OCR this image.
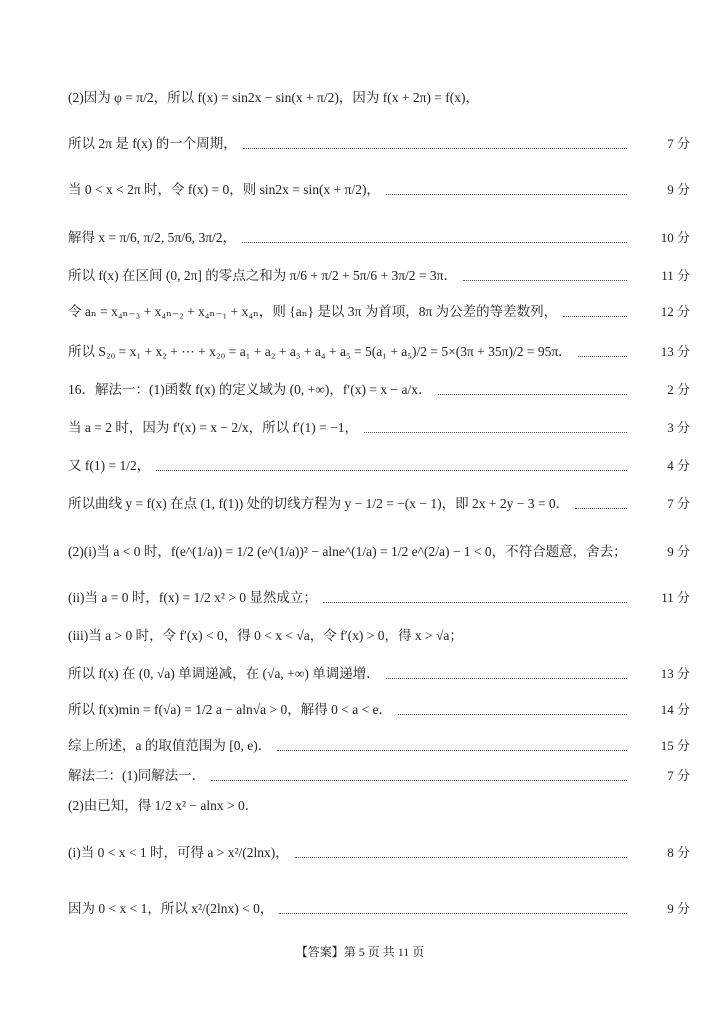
(2)因为 φ = π/2，所以 f(x) = sin2x − sin(x + π/2)，因为 f(x + 2π) = f(x)，
所以 2π 是 f(x) 的一个周期，	7 分
当 0 < x < 2π 时，令 f(x) = 0，则 sin2x = sin(x + π/2)，	9 分
解得 x = π/6, π/2, 5π/6, 3π/2，	10 分
所以 f(x) 在区间 (0, 2π] 的零点之和为 π/6 + π/2 + 5π/6 + 3π/2 = 3π．	11 分
令 aₙ = x₄ₙ₋₃ + x₄ₙ₋₂ + x₄ₙ₋₁ + x₄ₙ，则 {aₙ} 是以 3π 为首项，8π 为公差的等差数列，	12 分
所以 S₂₀ = x₁ + x₂ + ⋯ + x₂₀ = a₁ + a₂ + a₃ + a₄ + a₅ = 5(a₁ + a₅)/2 = 5×(3π + 35π)/2 = 95π．	13 分
16．解法一：(1)函数 f(x) 的定义域为 (0, +∞)，f′(x) = x − a/x．	2 分
当 a = 2 时，因为 f′(x) = x − 2/x，所以 f′(1) = −1，	3 分
又 f(1) = 1/2，	4 分
所以曲线 y = f(x) 在点 (1, f(1)) 处的切线方程为 y − 1/2 = −(x − 1)，即 2x + 2y − 3 = 0．	7 分
(2)(i)当 a < 0 时，f(e^(1/a)) = 1/2 (e^(1/a))² − alne^(1/a) = 1/2 e^(2/a) − 1 < 0，不符合题意，舍去；	9 分
(ii)当 a = 0 时，f(x) = 1/2 x² > 0 显然成立；	11 分
(iii)当 a > 0 时，令 f′(x) < 0，得 0 < x < √a，令 f′(x) > 0，得 x > √a；
所以 f(x) 在 (0, √a) 单调递减，在 (√a, +∞) 单调递增．	13 分
所以 f(x)min = f(√a) = 1/2 a − aln√a > 0，解得 0 < a < e．	14 分
综上所述，a 的取值范围为 [0, e)．	15 分
解法二：(1)同解法一．	7 分
(2)由已知，得 1/2 x² − alnx > 0．
(i)当 0 < x < 1 时，可得 a > x²/(2lnx)，	8 分
因为 0 < x < 1，所以 x²/(2lnx) < 0，	9 分
【答案】第 5 页 共 11 页
